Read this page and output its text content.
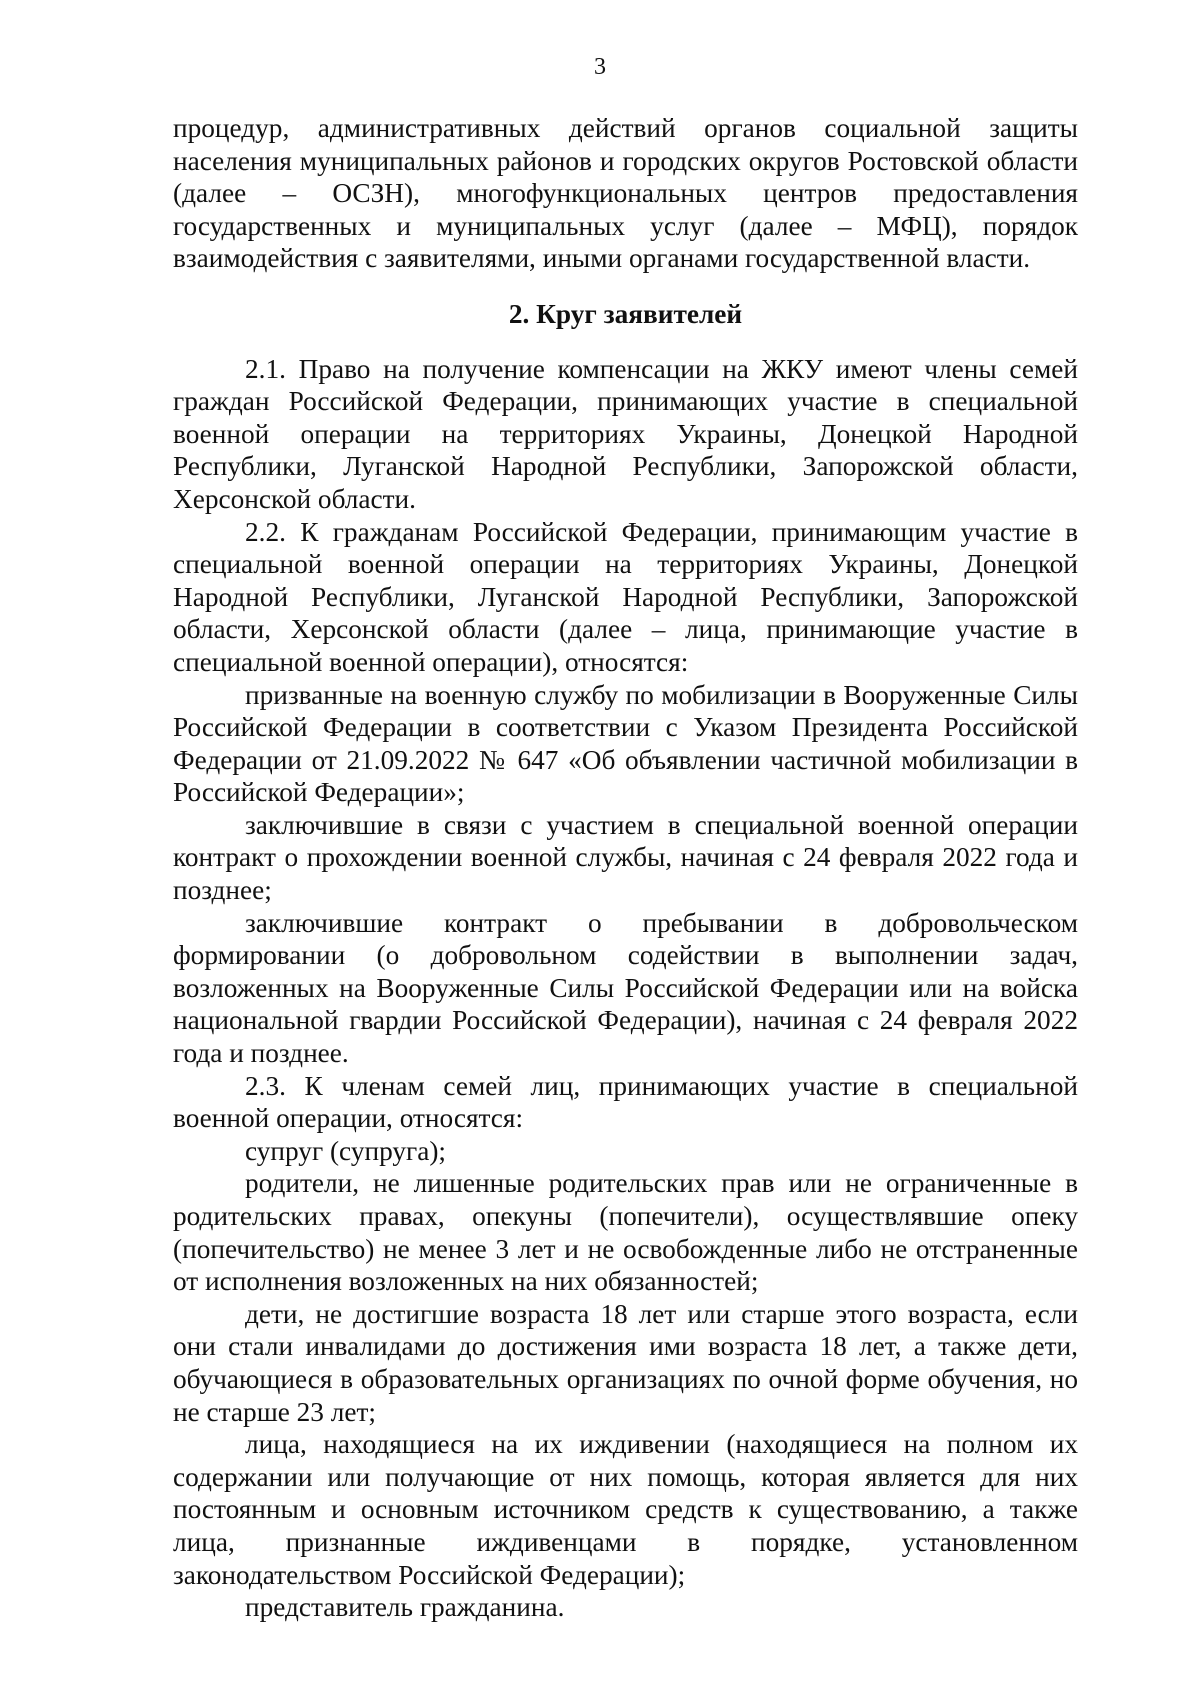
3

процедур, административных действий органов социальной защиты населения муниципальных районов и городских округов Ростовской области (далее – ОСЗН), многофункциональных центров предоставления государственных и муниципальных услуг (далее – МФЦ), порядок взаимодействия с заявителями, иными органами государственной власти.

2. Круг заявителей

2.1. Право на получение компенсации на ЖКУ имеют члены семей граждан Российской Федерации, принимающих участие в специальной военной операции на территориях Украины, Донецкой Народной Республики, Луганской Народной Республики, Запорожской области, Херсонской области.

2.2. К гражданам Российской Федерации, принимающим участие в специальной военной операции на территориях Украины, Донецкой Народной Республики, Луганской Народной Республики, Запорожской области, Херсонской области (далее – лица, принимающие участие в специальной военной операции), относятся:

призванные на военную службу по мобилизации в Вооруженные Силы Российской Федерации в соответствии с Указом Президента Российской Федерации от 21.09.2022 № 647 «Об объявлении частичной мобилизации в Российской Федерации»;

заключившие в связи с участием в специальной военной операции контракт о прохождении военной службы, начиная с 24 февраля 2022 года и позднее;

заключившие контракт о пребывании в добровольческом формировании (о добровольном содействии в выполнении задач, возложенных на Вооруженные Силы Российской Федерации или на войска национальной гвардии Российской Федерации), начиная с 24 февраля 2022 года и позднее.

2.3. К членам семей лиц, принимающих участие в специальной военной операции, относятся:

супруг (супруга);

родители, не лишенные родительских прав или не ограниченные в родительских правах, опекуны (попечители), осуществлявшие опеку (попечительство) не менее 3 лет и не освобожденные либо не отстраненные от исполнения возложенных на них обязанностей;

дети, не достигшие возраста 18 лет или старше этого возраста, если они стали инвалидами до достижения ими возраста 18 лет, а также дети, обучающиеся в образовательных организациях по очной форме обучения, но не старше 23 лет;

лица, находящиеся на их иждивении (находящиеся на полном их содержании или получающие от них помощь, которая является для них постоянным и основным источником средств к существованию, а также лица, признанные иждивенцами в порядке, установленном законодательством Российской Федерации);

представитель гражданина.
